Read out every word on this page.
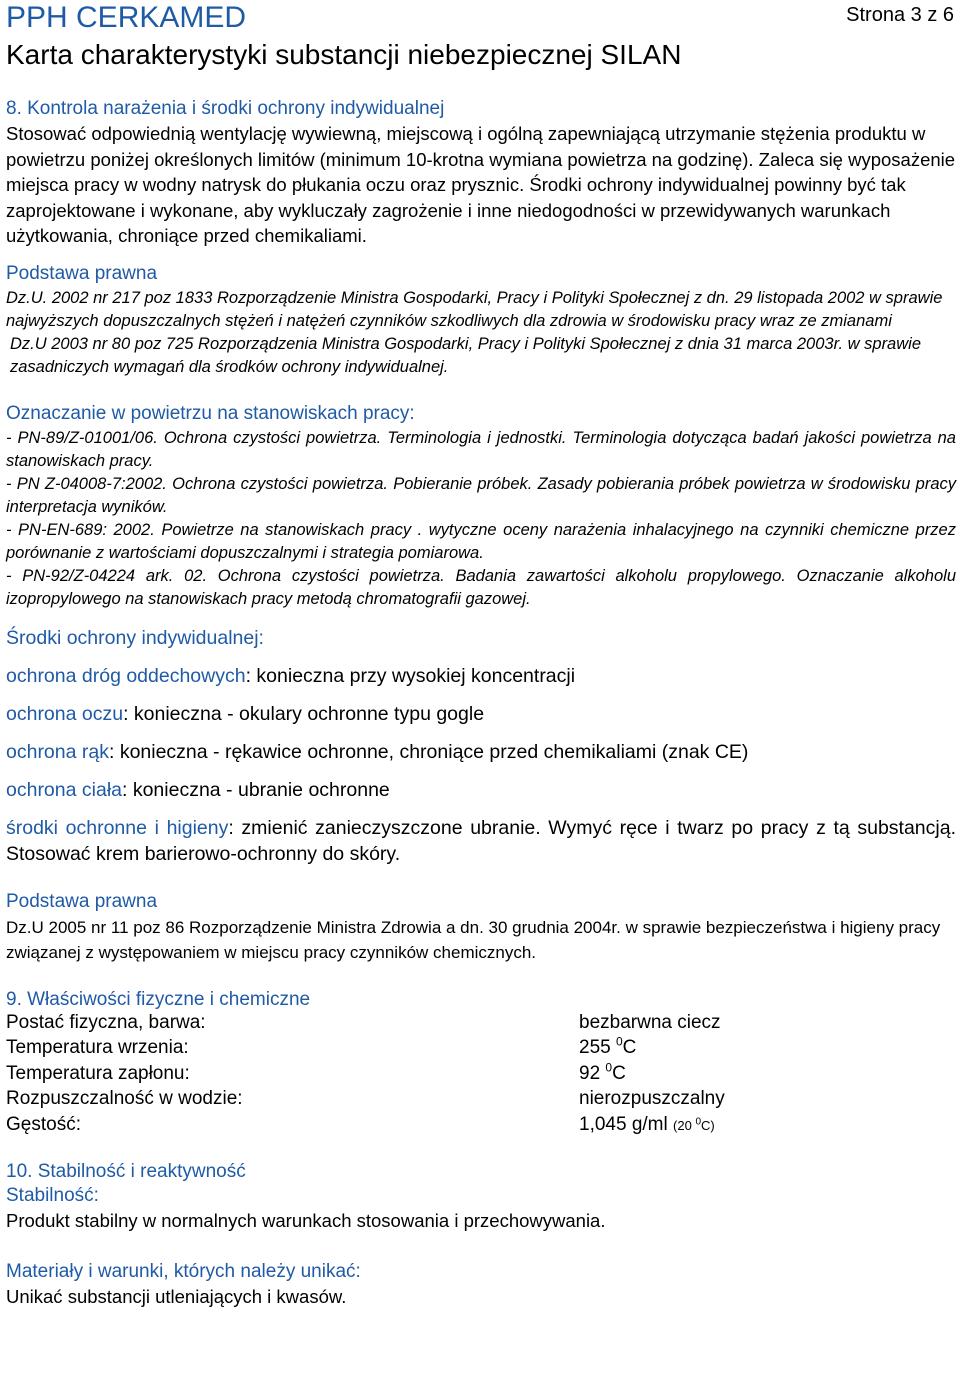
PPH CERKAMED	Strona 3 z 6
Karta charakterystyki substancji niebezpiecznej SILAN
8. Kontrola narażenia i środki ochrony indywidualnej

Stosować odpowiednią wentylację wywiewną, miejscową i ogólną zapewniającą utrzymanie stężenia produktu w powietrzu poniżej określonych limitów (minimum 10-krotna wymiana powietrza na godzinę). Zaleca się wyposażenie miejsca pracy w wodny natrysk do płukania oczu oraz prysznic. Środki ochrony indywidualnej powinny być tak zaprojektowane i wykonane, aby wykluczały zagrożenie i inne niedogodności w przewidywanych warunkach użytkowania, chroniące przed chemikaliami.

Podstawa prawna

Dz.U. 2002 nr 217 poz 1833 Rozporządzenie Ministra Gospodarki, Pracy i Polityki Społecznej z dn. 29 listopada 2002 w sprawie najwyższych dopuszczalnych stężeń i natężeń czynników szkodliwych dla zdrowia w środowisku pracy wraz ze zmianami

Dz.U 2003 nr 80 poz 725 Rozporządzenia Ministra Gospodarki, Pracy i Polityki Społecznej z dnia 31 marca 2003r. w sprawie zasadniczych wymagań dla środków ochrony indywidualnej.

Oznaczanie w powietrzu na stanowiskach pracy:

- PN-89/Z-01001/06. Ochrona czystości powietrza. Terminologia i jednostki. Terminologia dotycząca badań jakości powietrza na stanowiskach pracy.

- PN Z-04008-7:2002. Ochrona czystości powietrza. Pobieranie próbek. Zasady pobierania próbek powietrza w środowisku pracy interpretacja wyników.

- PN-EN-689: 2002. Powietrze na stanowiskach pracy . wytyczne oceny narażenia inhalacyjnego na czynniki chemiczne przez porównanie z wartościami dopuszczalnymi i strategia pomiarowa.

- PN-92/Z-04224 ark. 02. Ochrona czystości powietrza. Badania zawartości alkoholu propylowego. Oznaczanie alkoholu izopropylowego na stanowiskach pracy metodą chromatografii gazowej.

Środki ochrony indywidualnej:

ochrona dróg oddechowych: konieczna przy wysokiej koncentracji

ochrona oczu: konieczna - okulary ochronne typu gogle

ochrona rąk: konieczna - rękawice ochronne, chroniące przed chemikaliami (znak CE)

ochrona ciała: konieczna - ubranie ochronne

środki ochronne i higieny: zmienić zanieczyszczone ubranie. Wymyć ręce i twarz po pracy z tą substancją. Stosować krem barierowo-ochronny do skóry.

Podstawa prawna

Dz.U 2005 nr 11 poz 86 Rozporządzenie Ministra Zdrowia a dn. 30 grudnia 2004r. w sprawie bezpieczeństwa i higieny pracy związanej z występowaniem w miejscu pracy czynników chemicznych.

9. Właściwości fizyczne i chemiczne
Postać fizyczna, barwa:	bezbarwna ciecz
Temperatura wrzenia:	255 $^0$C
Temperatura zapłonu:	92 $^0$C
Rozpuszczalność w wodzie:	nierozpuszczalny
Gęstość:	1,045 g/ml (20 $^0$C)
10. Stabilność i reaktywność
Stabilność:

Produkt stabilny w normalnych warunkach stosowania i przechowywania.

Materiały i warunki, których należy unikać:

Unikać substancji utleniających i kwasów.
